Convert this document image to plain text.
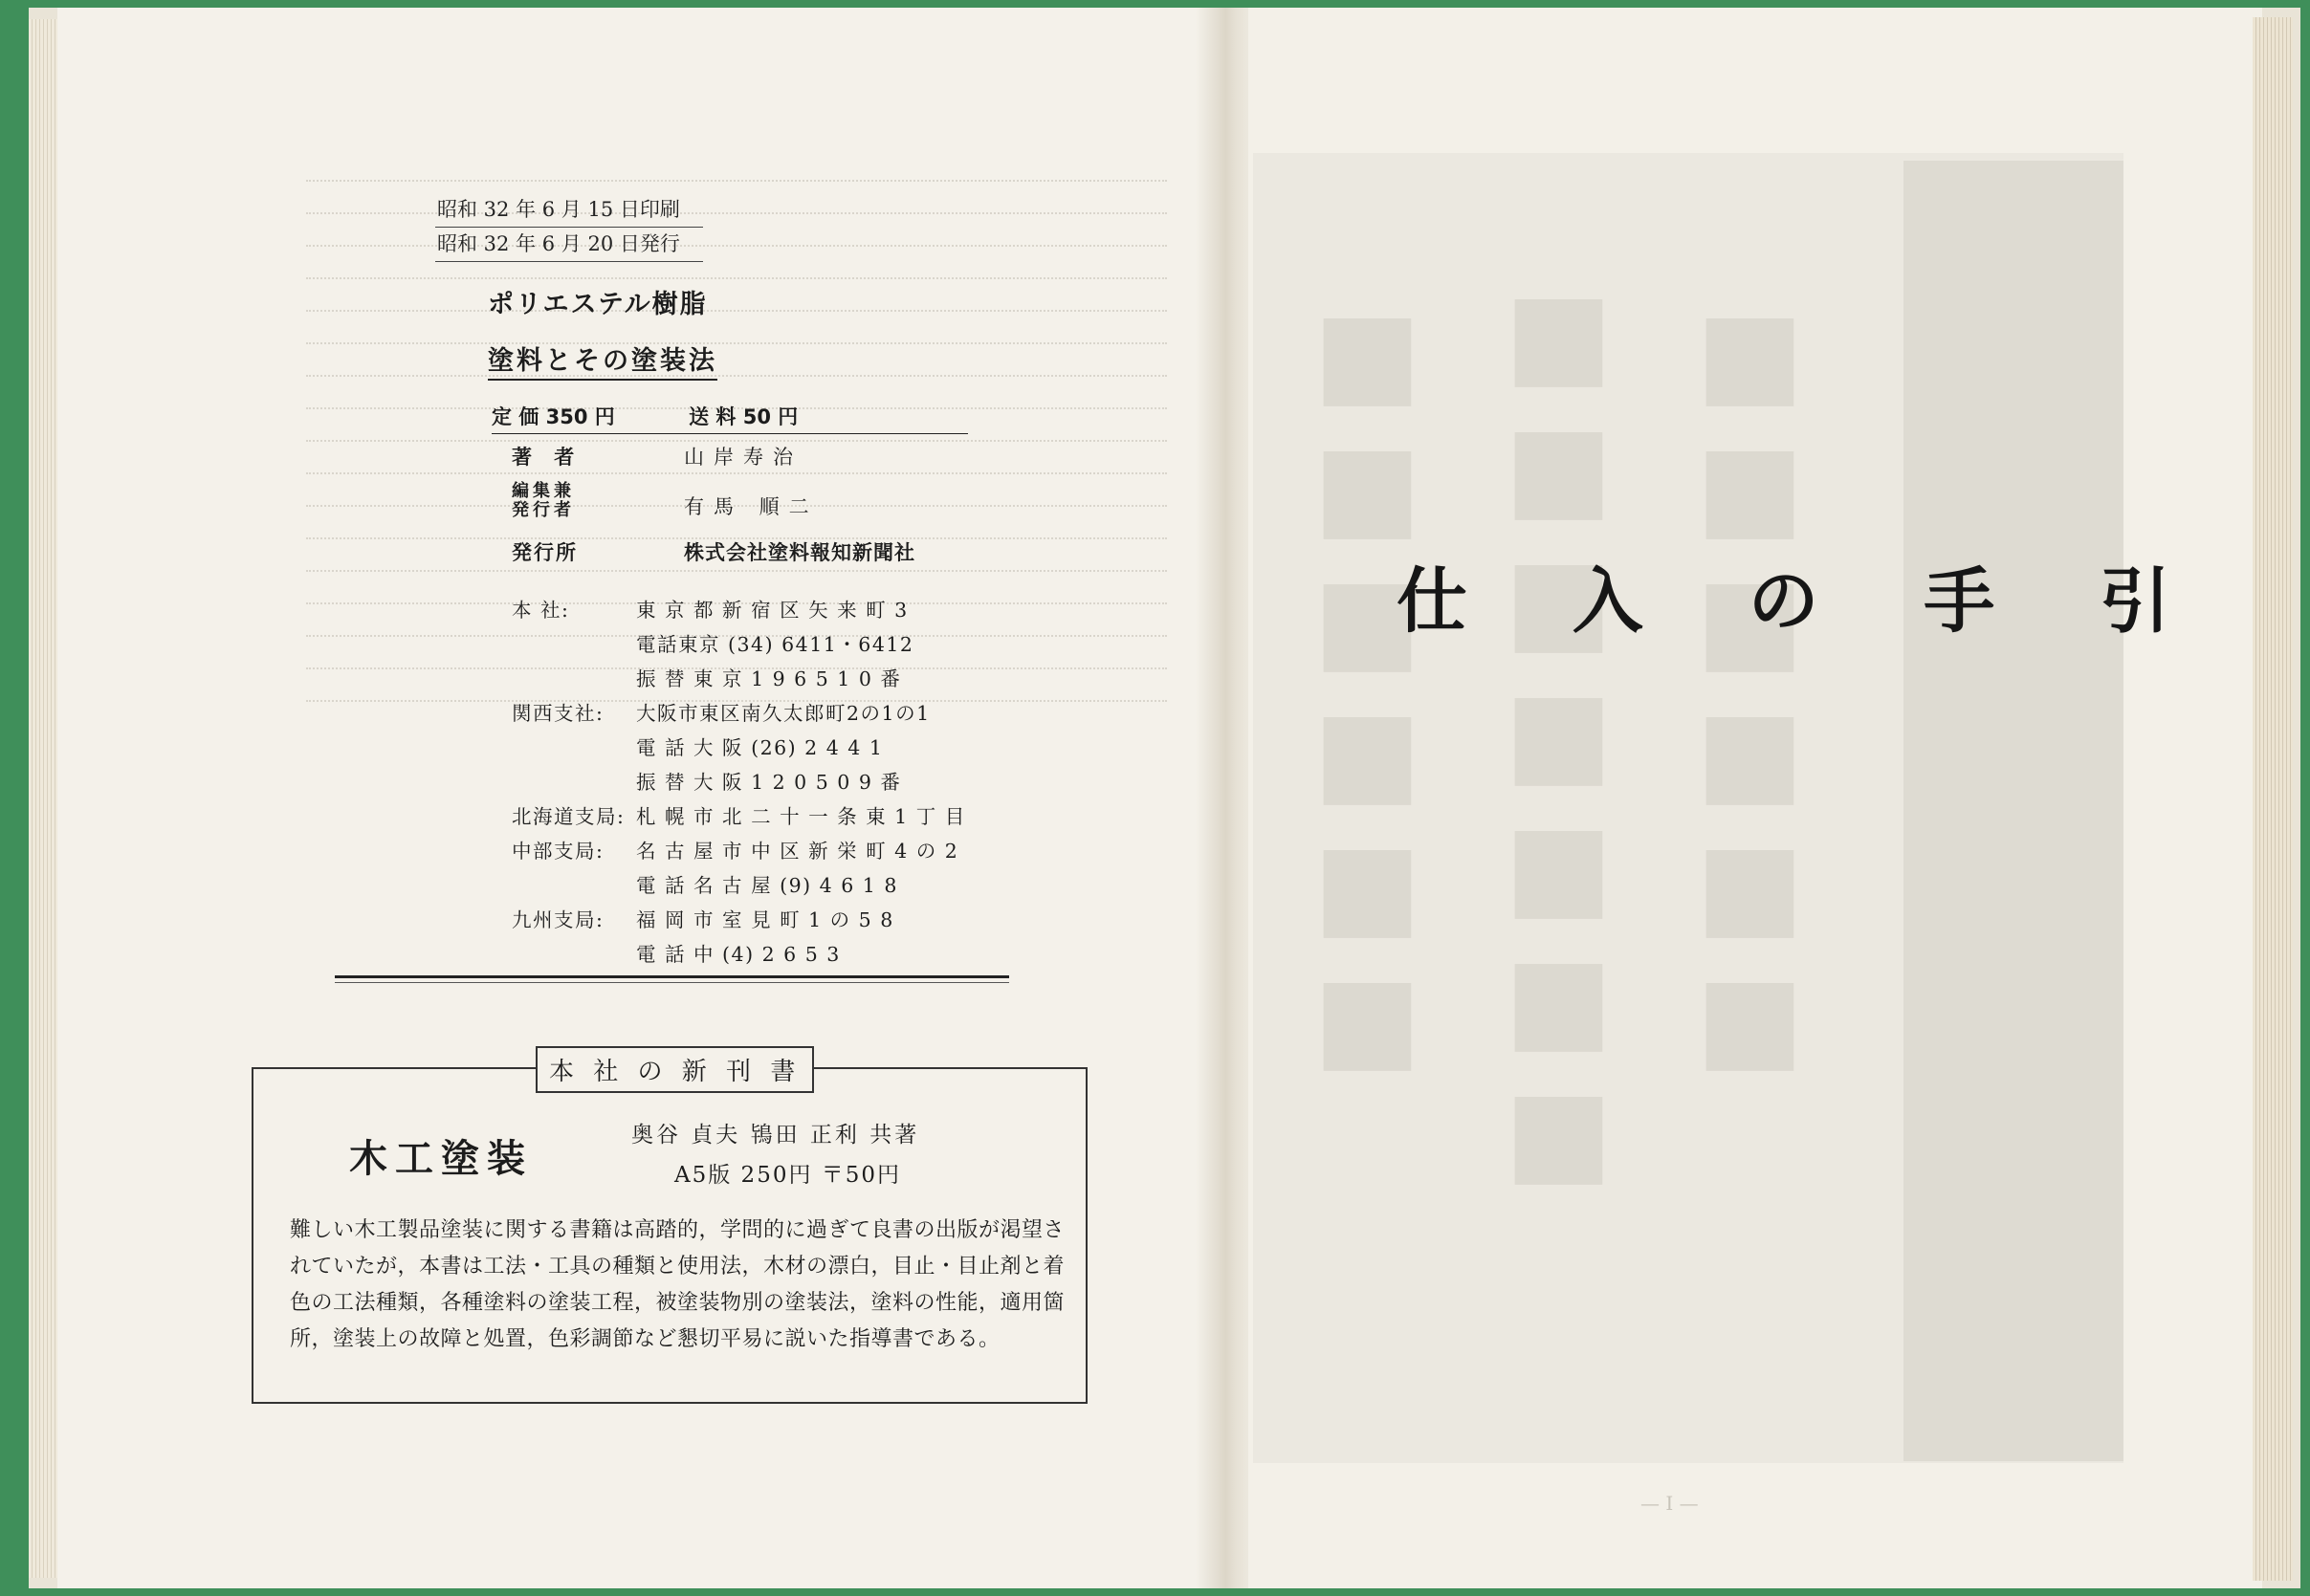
昭和 32 年 6 月 15 日印刷
昭和 32 年 6 月 20 日発行
ポリエステル樹脂
塗料とその塗装法
定 価 350 円	送 料 50 円
著 者	山岸寿治
編集兼発行者	有馬 順二
発行所	株式会社塗料報知新聞社
本 社:	東 京 都 新 宿 区 矢 来 町 3
電話東京 (34) 6411・6412
振 替 東 京 1 9 6 5 1 0 番
関西支社: 大阪市東区南久太郎町2の1の1
電 話 大 阪 (26) 2 4 4 1
振 替 大 阪 1 2 0 5 0 9 番
北海道支局: 札 幌 市 北 二 十 一 条 東 1 丁 目
中部支局: 名 古 屋 市 中 区 新 栄 町 4 の 2
電 話 名 古 屋 (9) 4 6 1 8
九州支局: 福 岡 市 室 見 町 1 の 5 8
電 話 中 (4) 2 6 5 3
本 社 の 新 刊 書
木工塗装
奥谷 貞夫 鴇田 正利 共著
A5版 250円 〒50円
難しい木工製品塗装に関する書籍は高踏的，学問的に過ぎて良書の出版が渇望されていたが，本書は工法・工具の種類と使用法，木材の漂白，目止・目止剤と着色の工法種類，各種塗料の塗装工程，被塗装物別の塗装法，塗料の性能，適用箇所，塗装上の故障と処置，色彩調節など懇切平易に説いた指導書である。
■■■■■■ ■■■■■■■ ■■■■■■
仕 入 の 手 引
— I —
